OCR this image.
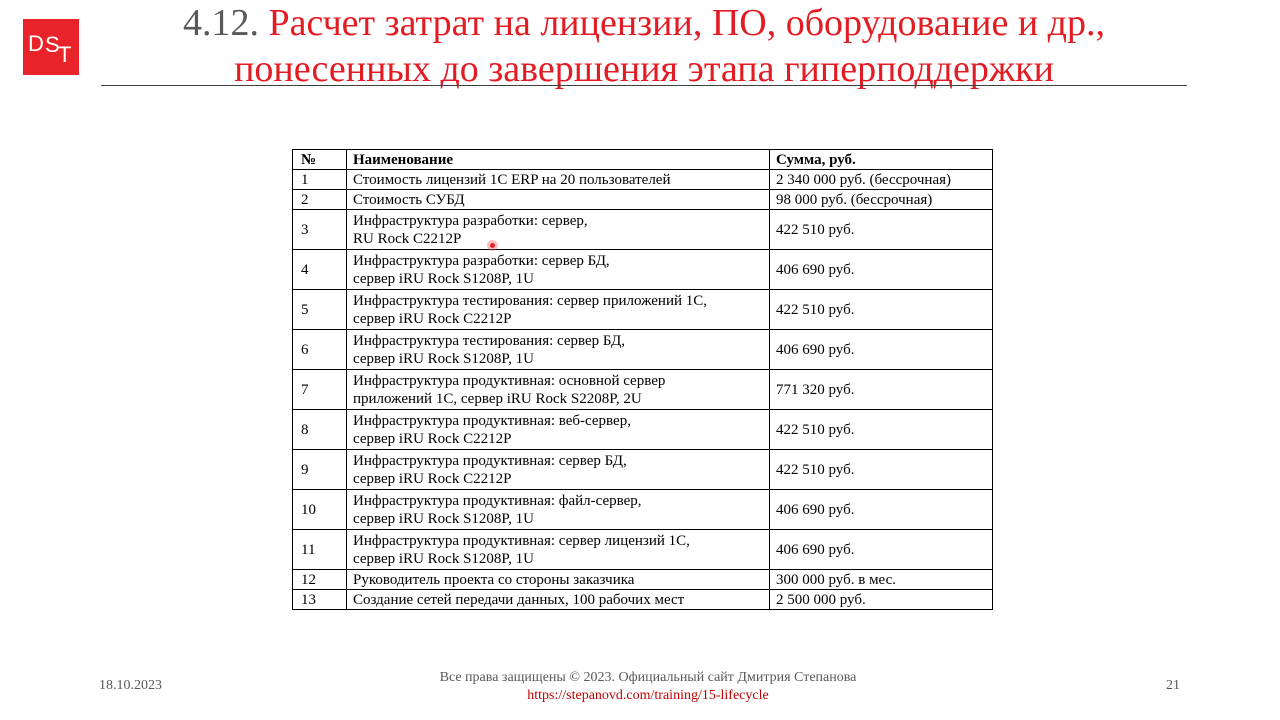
D S
T
4.12. Расчет затрат на лицензии, ПО, оборудование и др.,
понесенных до завершения этапа гиперподдержки
№	Наименование	Сумма, руб.
1	Стоимость лицензий 1С ERP на 20 пользователей	2 340 000 руб. (бессрочная)
2	Стоимость СУБД	98 000 руб. (бессрочная)
3	Инфраструктура разработки: сервер,
RU Rock C2212P	422 510 руб.
4	Инфраструктура разработки: сервер БД,
сервер iRU Rock S1208P, 1U	406 690 руб.
5	Инфраструктура тестирования: сервер приложений 1С,
сервер iRU Rock C2212P	422 510 руб.
6	Инфраструктура тестирования: сервер БД,
сервер iRU Rock S1208P, 1U	406 690 руб.
7	Инфраструктура продуктивная: основной сервер
приложений 1С, сервер iRU Rock S2208P, 2U	771 320 руб.
8	Инфраструктура продуктивная: веб-сервер,
сервер iRU Rock C2212P	422 510 руб.
9	Инфраструктура продуктивная: сервер БД,
сервер iRU Rock C2212P	422 510 руб.
10	Инфраструктура продуктивная: файл-сервер,
сервер iRU Rock S1208P, 1U	406 690 руб.
11	Инфраструктура продуктивная: сервер лицензий 1С,
сервер iRU Rock S1208P, 1U	406 690 руб.
12	Руководитель проекта со стороны заказчика	300 000 руб. в мес.
13	Создание сетей передачи данных, 100 рабочих мест	2 500 000 руб.
18.10.2023
Все права защищены © 2023. Официальный сайт Дмитрия Степанова
https://stepanovd.com/training/15-lifecycle
21
